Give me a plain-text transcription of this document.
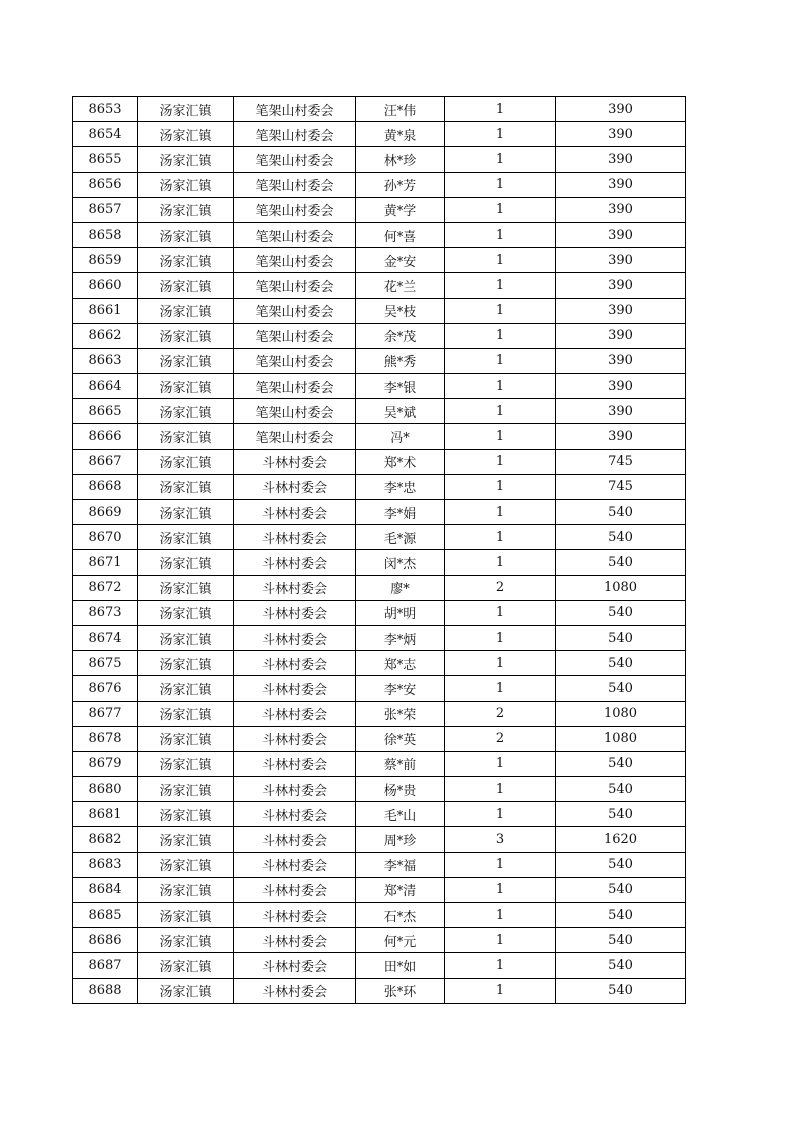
8653	汤家汇镇	笔架山村委会	汪*伟	1	390
8654	汤家汇镇	笔架山村委会	黄*泉	1	390
8655	汤家汇镇	笔架山村委会	林*珍	1	390
8656	汤家汇镇	笔架山村委会	孙*芳	1	390
8657	汤家汇镇	笔架山村委会	黄*学	1	390
8658	汤家汇镇	笔架山村委会	何*喜	1	390
8659	汤家汇镇	笔架山村委会	金*安	1	390
8660	汤家汇镇	笔架山村委会	花*兰	1	390
8661	汤家汇镇	笔架山村委会	吴*枝	1	390
8662	汤家汇镇	笔架山村委会	余*茂	1	390
8663	汤家汇镇	笔架山村委会	熊*秀	1	390
8664	汤家汇镇	笔架山村委会	李*银	1	390
8665	汤家汇镇	笔架山村委会	吴*斌	1	390
8666	汤家汇镇	笔架山村委会	冯*	1	390
8667	汤家汇镇	斗林村委会	郑*术	1	745
8668	汤家汇镇	斗林村委会	李*忠	1	745
8669	汤家汇镇	斗林村委会	李*娟	1	540
8670	汤家汇镇	斗林村委会	毛*源	1	540
8671	汤家汇镇	斗林村委会	闵*杰	1	540
8672	汤家汇镇	斗林村委会	廖*	2	1080
8673	汤家汇镇	斗林村委会	胡*明	1	540
8674	汤家汇镇	斗林村委会	李*炳	1	540
8675	汤家汇镇	斗林村委会	郑*志	1	540
8676	汤家汇镇	斗林村委会	李*安	1	540
8677	汤家汇镇	斗林村委会	张*荣	2	1080
8678	汤家汇镇	斗林村委会	徐*英	2	1080
8679	汤家汇镇	斗林村委会	蔡*前	1	540
8680	汤家汇镇	斗林村委会	杨*贵	1	540
8681	汤家汇镇	斗林村委会	毛*山	1	540
8682	汤家汇镇	斗林村委会	周*珍	3	1620
8683	汤家汇镇	斗林村委会	李*福	1	540
8684	汤家汇镇	斗林村委会	郑*清	1	540
8685	汤家汇镇	斗林村委会	石*杰	1	540
8686	汤家汇镇	斗林村委会	何*元	1	540
8687	汤家汇镇	斗林村委会	田*如	1	540
8688	汤家汇镇	斗林村委会	张*环	1	540
